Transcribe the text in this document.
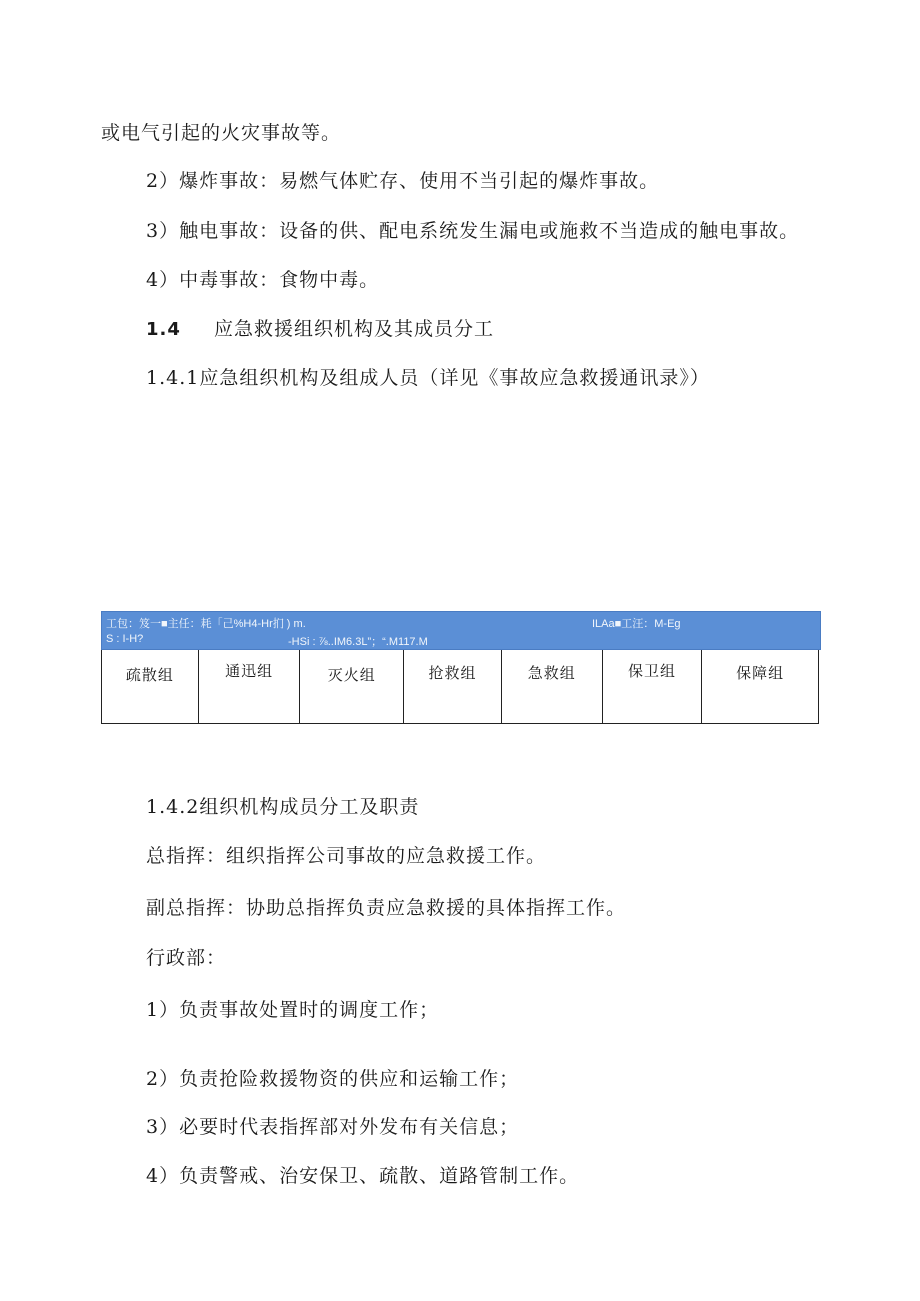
或电气引起的火灾事故等。
2）爆炸事故：易燃气体贮存、使用不当引起的爆炸事故。
3）触电事故：设备的供、配电系统发生漏电或施救不当造成的触电事故。
4）中毒事故：食物中毒。
1.4 应急救援组织机构及其成员分工
1.4.1应急组织机构及组成人员（详见《事故应急救援通讯录》）
工包：笈一■主任：耗「己%H4-Hr扪 ) m.	ILAa■工汪：M-Eg
S : I-H?	-HSi : ⅞..IM6.3L”；“.M117.M
疏散组	通迅组	灭火组	抢救组	急救组	保卫组	保障组
1.4.2组织机构成员分工及职责
总指挥：组织指挥公司事故的应急救援工作。
副总指挥：协助总指挥负责应急救援的具体指挥工作。
行政部：
1）负责事故处置时的调度工作；
2）负责抢险救援物资的供应和运输工作；
3）必要时代表指挥部对外发布有关信息；
4）负责警戒、治安保卫、疏散、道路管制工作。
